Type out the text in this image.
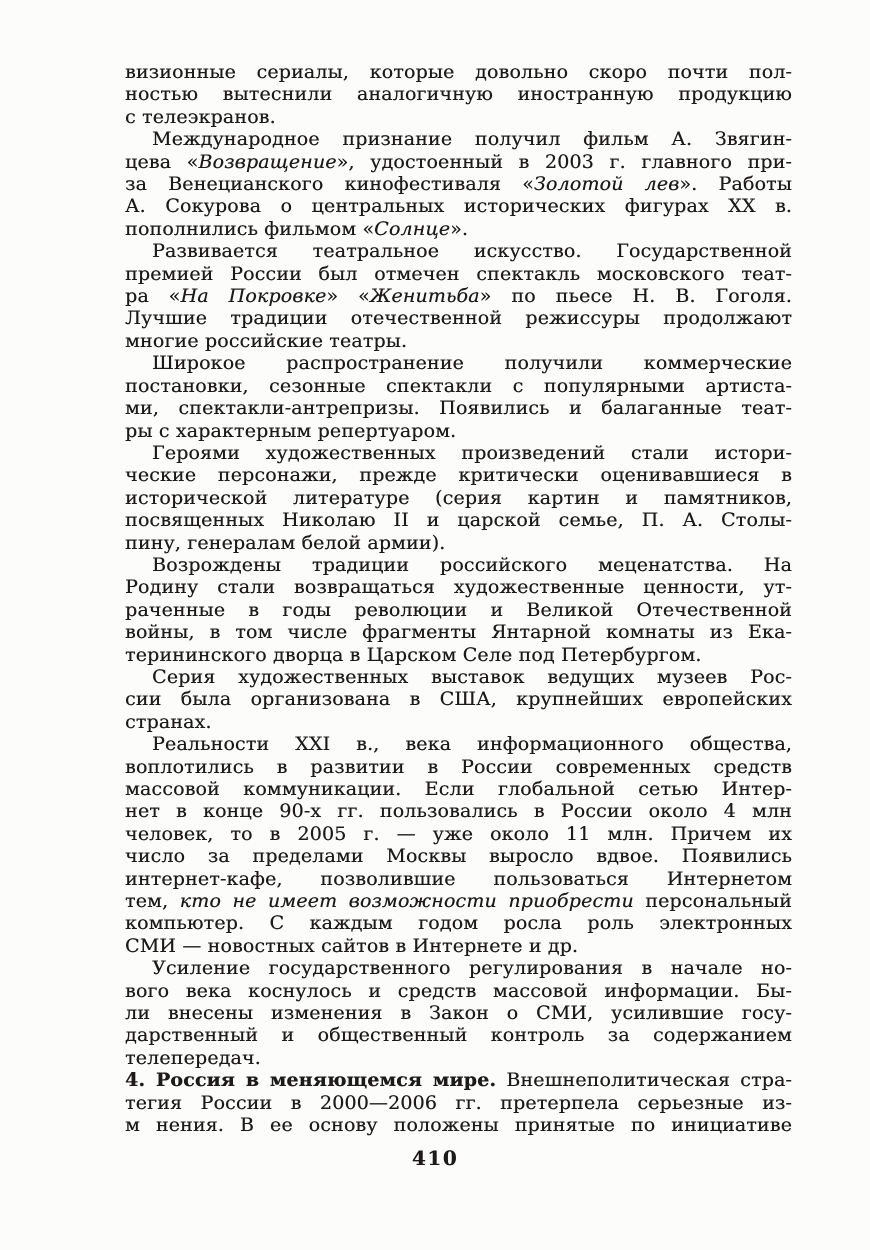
визионные сериалы, которые довольно скоро почти пол-
ностью вытеснили аналогичную иностранную продукцию
с телеэкранов.
Международное признание получил фильм А. Звягин-
цева «Возвращение», удостоенный в 2003 г. главного при-
за Венецианского кинофестиваля «Золотой лев». Работы
А. Сокурова о центральных исторических фигурах XX в.
пополнились фильмом «Солнце».
Развивается театральное искусство. Государственной
премией России был отмечен спектакль московского теат-
ра «На Покровке» «Женитьба» по пьесе Н. В. Гоголя.
Лучшие традиции отечественной режиссуры продолжают
многие российские театры.
Широкое распространение получили коммерческие
постановки, сезонные спектакли с популярными артиста-
ми, спектакли-антрепризы. Появились и балаганные теат-
ры с характерным репертуаром.
Героями художественных произведений стали истори-
ческие персонажи, прежде критически оценивавшиеся в
исторической литературе (серия картин и памятников,
посвященных Николаю II и царской семье, П. А. Столы-
пину, генералам белой армии).
Возрождены традиции российского меценатства. На
Родину стали возвращаться художественные ценности, ут-
раченные в годы революции и Великой Отечественной
войны, в том числе фрагменты Янтарной комнаты из Ека-
терининского дворца в Царском Селе под Петербургом.
Серия художественных выставок ведущих музеев Рос-
сии была организована в США, крупнейших европейских
странах.
Реальности XXI в., века информационного общества,
воплотились в развитии в России современных средств
массовой коммуникации. Если глобальной сетью Интер-
нет в конце 90-х гг. пользовались в России около 4 млн
человек, то в 2005 г. — уже около 11 млн. Причем их
число за пределами Москвы выросло вдвое. Появились
интернет-кафе, позволившие пользоваться Интернетом
тем, кто не имеет возможности приобрести персональный
компьютер. С каждым годом росла роль электронных
СМИ — новостных сайтов в Интернете и др.
Усиление государственного регулирования в начале но-
вого века коснулось и средств массовой информации. Бы-
ли внесены изменения в Закон о СМИ, усилившие госу-
дарственный и общественный контроль за содержанием
телепередач.
4. Россия в меняющемся мире. Внешнеполитическая стра-
тегия России в 2000—2006 гг. претерпела серьезные из-
м нения. В ее основу положены принятые по инициативе
410
